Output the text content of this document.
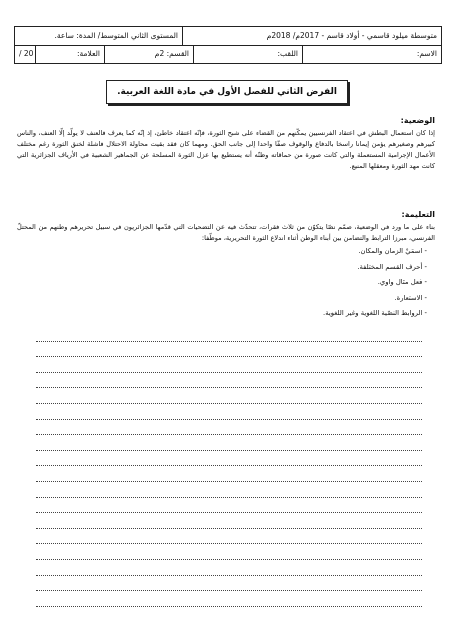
متوسطة ميلود قاسمي - أولاد قاسم - 2017م/ 2018م
المستوى الثاني المتوسط/ المدة: ساعة.
الاسم:
اللقب:
القسم: 2م
العلامة:
/ 20
الفرض الثاني للفصل الأول في مادة اللغة العربية.
الوضعية:
إذا كان استعمال البطش في اعتقاد الفرنسيين يمكّنهم من القضاء على شبح الثورة، فإنّه اعتقاد خاطئ، إذ إنّه كما يعرف فالعنف لا يولّد إلّا العنف، والناس كبيرهم وصغيرهم يؤمن إيمانا راسخا بالدفاع والوقوف صفّا واحدا إلى جانب الحق. ومهما كان فقد بقيت محاولة الاحتلال فاشلة لخنق الثورة رغم مختلف الأعمال الإجرامية المستعملة والتي كانت صورة من حماقاته وظنّه أنه يستطيع بها عزل الثورة المسلحة عن الجماهير الشعبية في الأرياف الجزائرية التي كانت مهد الثورة ومعقلها المنيع.
التعليمة:
بناء على ما ورد في الوضعية، صمّم نصّا يتكوّن من ثلاث فقرات، تتحدّث فيه عن التضحيات التي قدّمها الجزائريون في سبيل تحريرهم وطنهم من المحتلّ الفرنسي، مبرزا الترابط والتضامن بين أبناء الوطن أثناء اندلاع الثورة التحريرية، موظّفا:
- اسمَيْ الزمان والمكان.
- أحرف القسم المختلفة.
- فعل مثال واوي.
- الاستعارة.
- الروابط النصّية اللغوية وغير اللغوية.
